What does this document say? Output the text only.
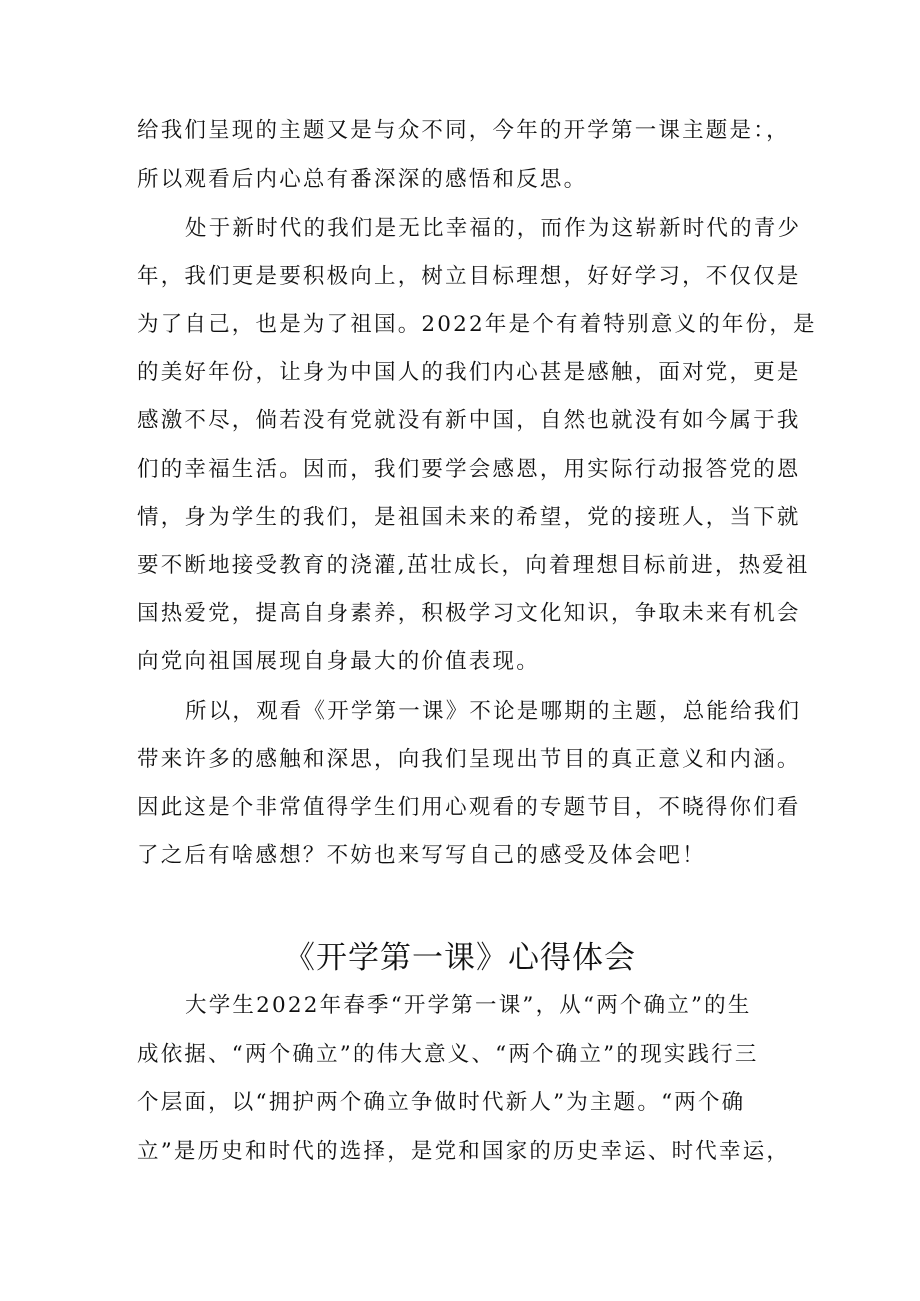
给我们呈现的主题又是与众不同，今年的开学第一课主题是：，
所以观看后内心总有番深深的感悟和反思。
处于新时代的我们是无比幸福的，而作为这崭新时代的青少
年，我们更是要积极向上，树立目标理想，好好学习，不仅仅是
为了自己，也是为了祖国。2022年是个有着特别意义的年份，是
的美好年份，让身为中国人的我们内心甚是感触，面对党，更是
感激不尽，倘若没有党就没有新中国，自然也就没有如今属于我
们的幸福生活。因而，我们要学会感恩，用实际行动报答党的恩
情，身为学生的我们，是祖国未来的希望，党的接班人，当下就
要不断地接受教育的浇灌,茁壮成长，向着理想目标前进，热爱祖
国热爱党，提高自身素养，积极学习文化知识，争取未来有机会
向党向祖国展现自身最大的价值表现。
所以，观看《开学第一课》不论是哪期的主题，总能给我们
带来许多的感触和深思，向我们呈现出节目的真正意义和内涵。
因此这是个非常值得学生们用心观看的专题节目，不晓得你们看
了之后有啥感想？不妨也来写写自己的感受及体会吧！
《开学第一课》心得体会
大学生2022年春季“开学第一课”，从“两个确立”的生
成依据、“两个确立”的伟大意义、“两个确立”的现实践行三
个层面，以“拥护两个确立争做时代新人”为主题。“两个确
立”是历史和时代的选择，是党和国家的历史幸运、时代幸运，
